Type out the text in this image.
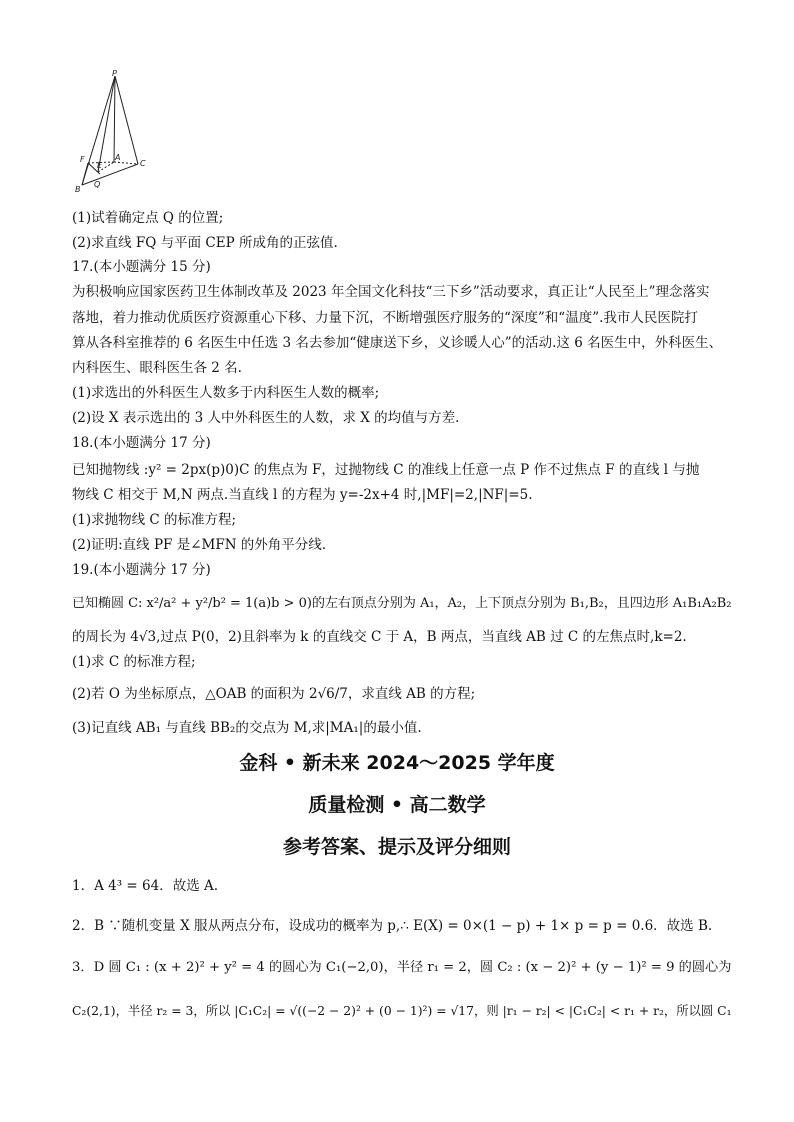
P
F
E
A
C
B
Q
(1)试着确定点 Q 的位置;
(2)求直线 FQ 与平面 CEP 所成角的正弦值.
17.(本小题满分 15 分)
为积极响应国家医药卫生体制改革及 2023 年全国文化科技“三下乡”活动要求，真正让“人民至上”理念落实
落地，着力推动优质医疗资源重心下移、力量下沉，不断增强医疗服务的“深度”和“温度”.我市人民医院打
算从各科室推荐的 6 名医生中任选 3 名去参加“健康送下乡，义诊暖人心”的活动.这 6 名医生中，外科医生、
内科医生、眼科医生各 2 名.
(1)求选出的外科医生人数多于内科医生人数的概率;
(2)设 X 表示选出的 3 人中外科医生的人数，求 X 的均值与方差.
18.(本小题满分 17 分)
已知抛物线 :y² = 2px(p)0)C 的焦点为 F，过抛物线 C 的准线上任意一点 P 作不过焦点 F 的直线 l 与抛
物线 C 相交于 M,N 两点.当直线 l 的方程为 y=-2x+4 时,|MF|=2,|NF|=5.
(1)求抛物线 C 的标准方程;
(2)证明:直线 PF 是∠MFN 的外角平分线.
19.(本小题满分 17 分)
已知椭圆 C: x²/a² + y²/b² = 1(a)b > 0)的左右顶点分别为 A₁，A₂，上下顶点分别为 B₁,B₂，且四边形 A₁B₁A₂B₂
的周长为 4√3,过点 P(0，2)且斜率为 k 的直线交 C 于 A，B 两点，当直线 AB 过 C 的左焦点时,k=2.
(1)求 C 的标准方程;
(2)若 O 为坐标原点，△OAB 的面积为 2√6/7，求直线 AB 的方程;
(3)记直线 AB₁ 与直线 BB₂的交点为 M,求|MA₁|的最小值.
金科 • 新未来 2024～2025 学年度
质量检测 • 高二数学
参考答案、提示及评分细则
1．A 4³ = 64．故选 A.
2．B ∵随机变量 X 服从两点分布，设成功的概率为 p,∴ E(X) = 0×(1 − p) + 1× p = p = 0.6．故选 B.
3．D 圆 C₁ : (x + 2)² + y² = 4 的圆心为 C₁(−2,0)，半径 r₁ = 2，圆 C₂ : (x − 2)² + (y − 1)² = 9 的圆心为
C₂(2,1)，半径 r₂ = 3，所以 |C₁C₂| = √((−2 − 2)² + (0 − 1)²) = √17，则 |r₁ − r₂| < |C₁C₂| < r₁ + r₂，所以圆 C₁
